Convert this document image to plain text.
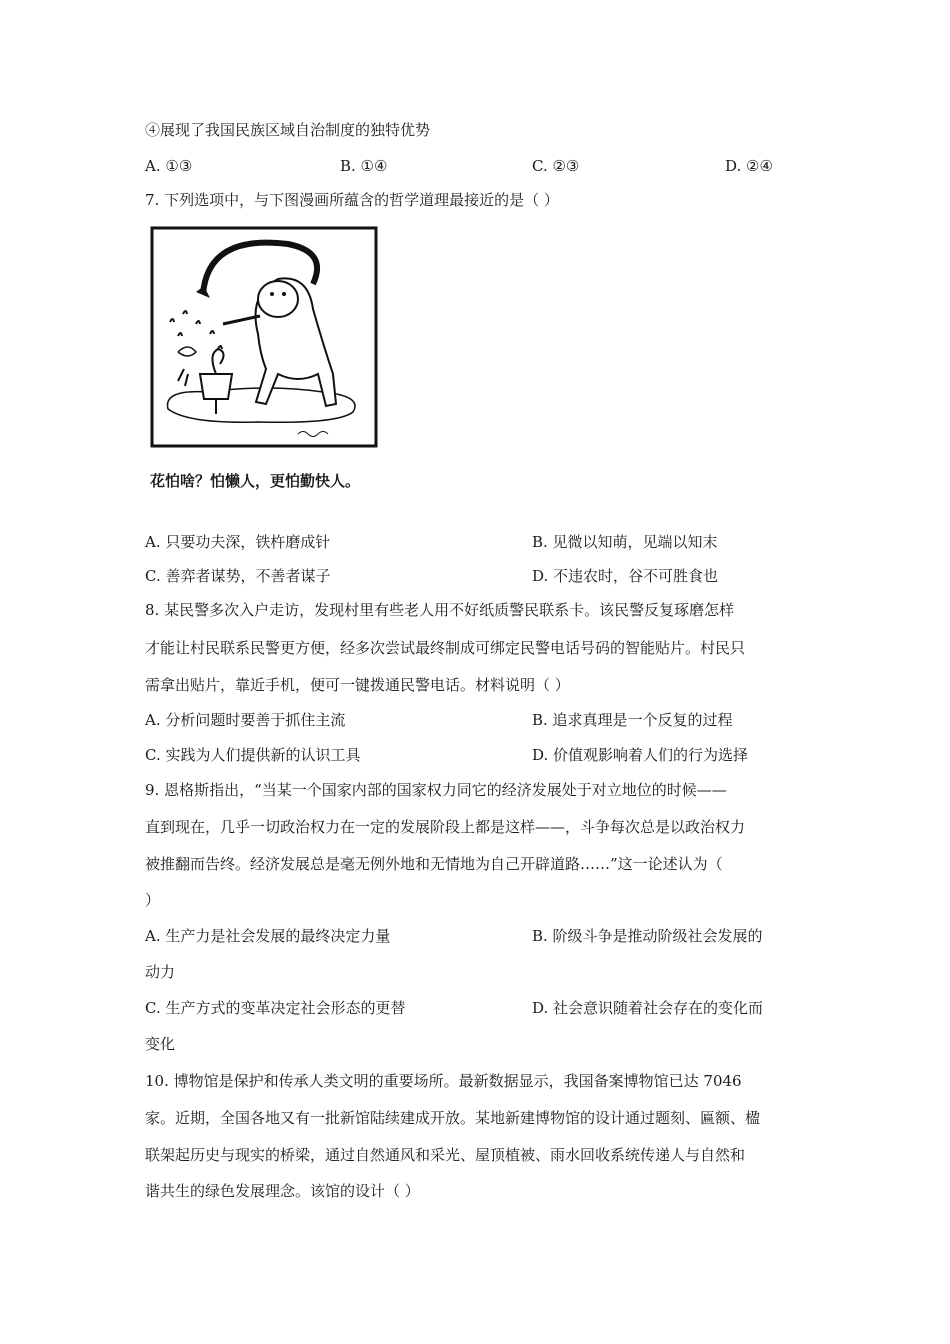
④展现了我国民族区域自治制度的独特优势
A. ①③	B. ①④	C. ②③	D. ②④
7. 下列选项中，与下图漫画所蕴含的哲学道理最接近的是（ ）
花怕啥？怕懒人，更怕勤快人。
A. 只要功夫深，铁杵磨成针	B. 见微以知萌，见端以知末
C. 善弈者谋势，不善者谋子	D. 不违农时，谷不可胜食也
8. 某民警多次入户走访，发现村里有些老人用不好纸质警民联系卡。该民警反复琢磨怎样
才能让村民联系民警更方便，经多次尝试最终制成可绑定民警电话号码的智能贴片。村民只
需拿出贴片，靠近手机，便可一键拨通民警电话。材料说明（ ）
A. 分析问题时要善于抓住主流	B. 追求真理是一个反复的过程
C. 实践为人们提供新的认识工具	D. 价值观影响着人们的行为选择
9. 恩格斯指出，“当某一个国家内部的国家权力同它的经济发展处于对立地位的时候——
直到现在，几乎一切政治权力在一定的发展阶段上都是这样——，斗争每次总是以政治权力
被推翻而告终。经济发展总是毫无例外地和无情地为自己开辟道路……”这一论述认为（
）
A. 生产力是社会发展的最终决定力量	B. 阶级斗争是推动阶级社会发展的
动力
C. 生产方式的变革决定社会形态的更替	D. 社会意识随着社会存在的变化而
变化
10. 博物馆是保护和传承人类文明的重要场所。最新数据显示，我国备案博物馆已达 7046
家。近期，全国各地又有一批新馆陆续建成开放。某地新建博物馆的设计通过题刻、匾额、楹
联架起历史与现实的桥梁，通过自然通风和采光、屋顶植被、雨水回收系统传递人与自然和
谐共生的绿色发展理念。该馆的设计（ ）
